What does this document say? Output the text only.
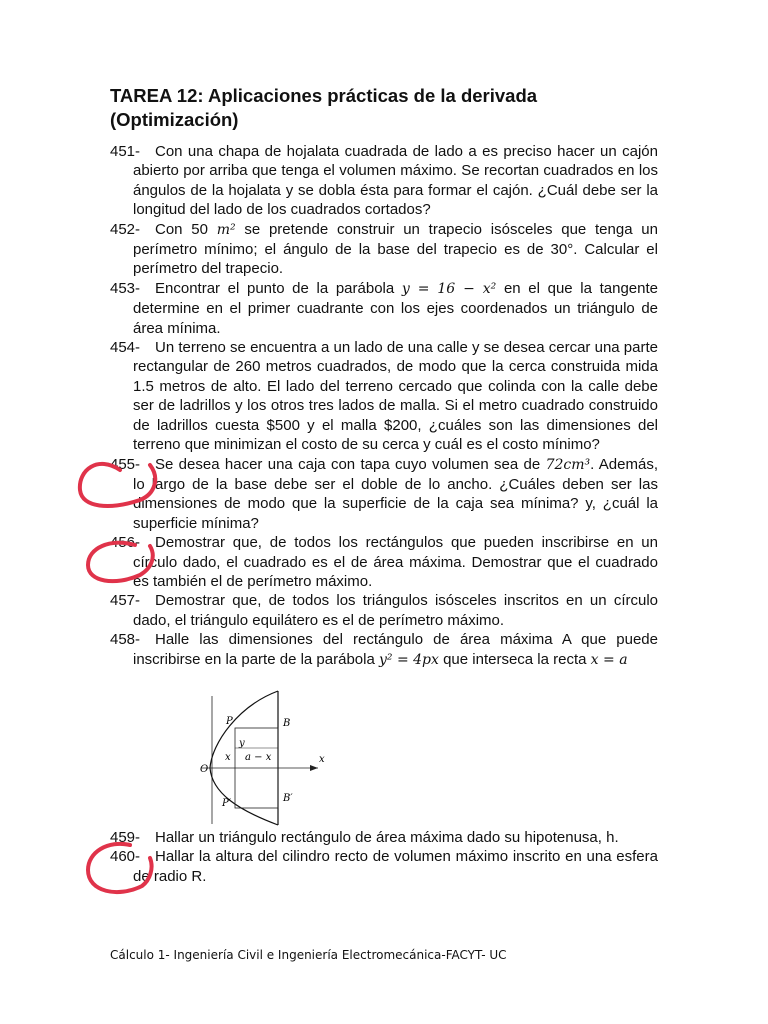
TAREA 12: Aplicaciones prácticas de la derivada (Optimización)

451- Con una chapa de hojalata cuadrada de lado a es preciso hacer un cajón abierto por arriba que tenga el volumen máximo. Se recortan cuadrados en los ángulos de la hojalata y se dobla ésta para formar el cajón. ¿Cuál debe ser la longitud del lado de los cuadrados cortados?

452- Con 50 m² se pretende construir un trapecio isósceles que tenga un perímetro mínimo; el ángulo de la base del trapecio es de 30°. Calcular el perímetro del trapecio.

453- Encontrar el punto de la parábola y = 16 − x² en el que la tangente determine en el primer cuadrante con los ejes coordenados un triángulo de área mínima.

454- Un terreno se encuentra a un lado de una calle y se desea cercar una parte rectangular de 260 metros cuadrados, de modo que la cerca construida mida 1.5 metros de alto. El lado del terreno cercado que colinda con la calle debe ser de ladrillos y los otros tres lados de malla. Si el metro cuadrado construido de ladrillos cuesta $500 y el malla $200, ¿cuáles son las dimensiones del terreno que minimizan el costo de su cerca y cuál es el costo mínimo?

455- Se desea hacer una caja con tapa cuyo volumen sea de 72cm³. Además, lo largo de la base debe ser el doble de lo ancho. ¿Cuáles deben ser las dimensiones de modo que la superficie de la caja sea mínima? y, ¿cuál la superficie mínima?

456- Demostrar que, de todos los rectángulos que pueden inscribirse en un círculo dado, el cuadrado es el de área máxima. Demostrar que el cuadrado es también el de perímetro máximo.

457- Demostrar que, de todos los triángulos isósceles inscritos en un círculo dado, el triángulo equilátero es el de perímetro máximo.

458- Halle las dimensiones del rectángulo de área máxima A que puede inscribirse en la parte de la parábola y² = 4px que interseca la recta x = a

459- Hallar un triángulo rectángulo de área máxima dado su hipotenusa, h.

460- Hallar la altura del cilindro recto de volumen máximo inscrito en una esfera de radio R.

P	B
y
x a − x	x
O
P′	B′
Cálculo 1- Ingeniería Civil e Ingeniería Electromecánica-FACYT- UC
